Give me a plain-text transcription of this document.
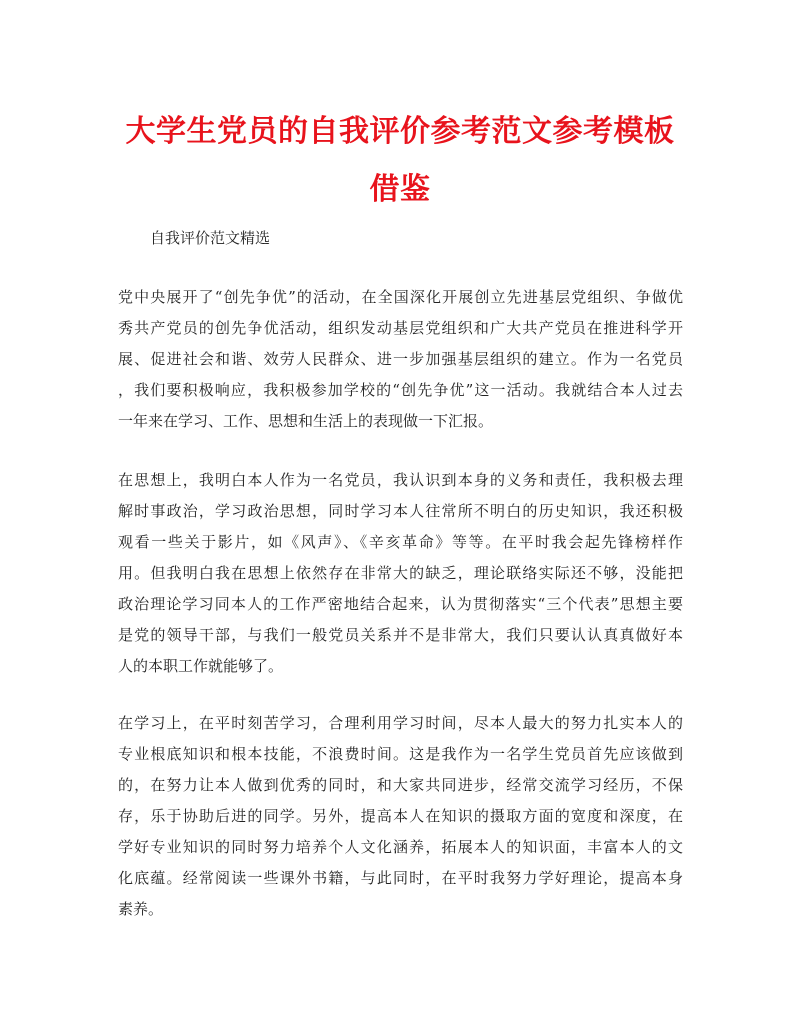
大学生党员的自我评价参考范文参考模板
借鉴

自我评价范文精选

党中央展开了“创先争优”的活动，在全国深化开展创立先进基层党组织、争做优
秀共产党员的创先争优活动，组织发动基层党组织和广大共产党员在推进科学开
展、促进社会和谐、效劳人民群众、进一步加强基层组织的建立。作为一名党员
，我们要积极响应，我积极参加学校的“创先争优”这一活动。我就结合本人过去
一年来在学习、工作、思想和生活上的表现做一下汇报。
在思想上，我明白本人作为一名党员，我认识到本身的义务和责任，我积极去理
解时事政治，学习政治思想，同时学习本人往常所不明白的历史知识，我还积极
观看一些关于影片，如《风声》、《辛亥革命》等等。在平时我会起先锋榜样作
用。但我明白我在思想上依然存在非常大的缺乏，理论联络实际还不够，没能把
政治理论学习同本人的工作严密地结合起来，认为贯彻落实“三个代表”思想主要
是党的领导干部，与我们一般党员关系并不是非常大，我们只要认认真真做好本
人的本职工作就能够了。
在学习上，在平时刻苦学习，合理利用学习时间，尽本人最大的努力扎实本人的
专业根底知识和根本技能，不浪费时间。这是我作为一名学生党员首先应该做到
的，在努力让本人做到优秀的同时，和大家共同进步，经常交流学习经历，不保
存，乐于协助后进的同学。另外，提高本人在知识的摄取方面的宽度和深度，在
学好专业知识的同时努力培养个人文化涵养，拓展本人的知识面，丰富本人的文
化底蕴。经常阅读一些课外书籍，与此同时，在平时我努力学好理论，提高本身
素养。
